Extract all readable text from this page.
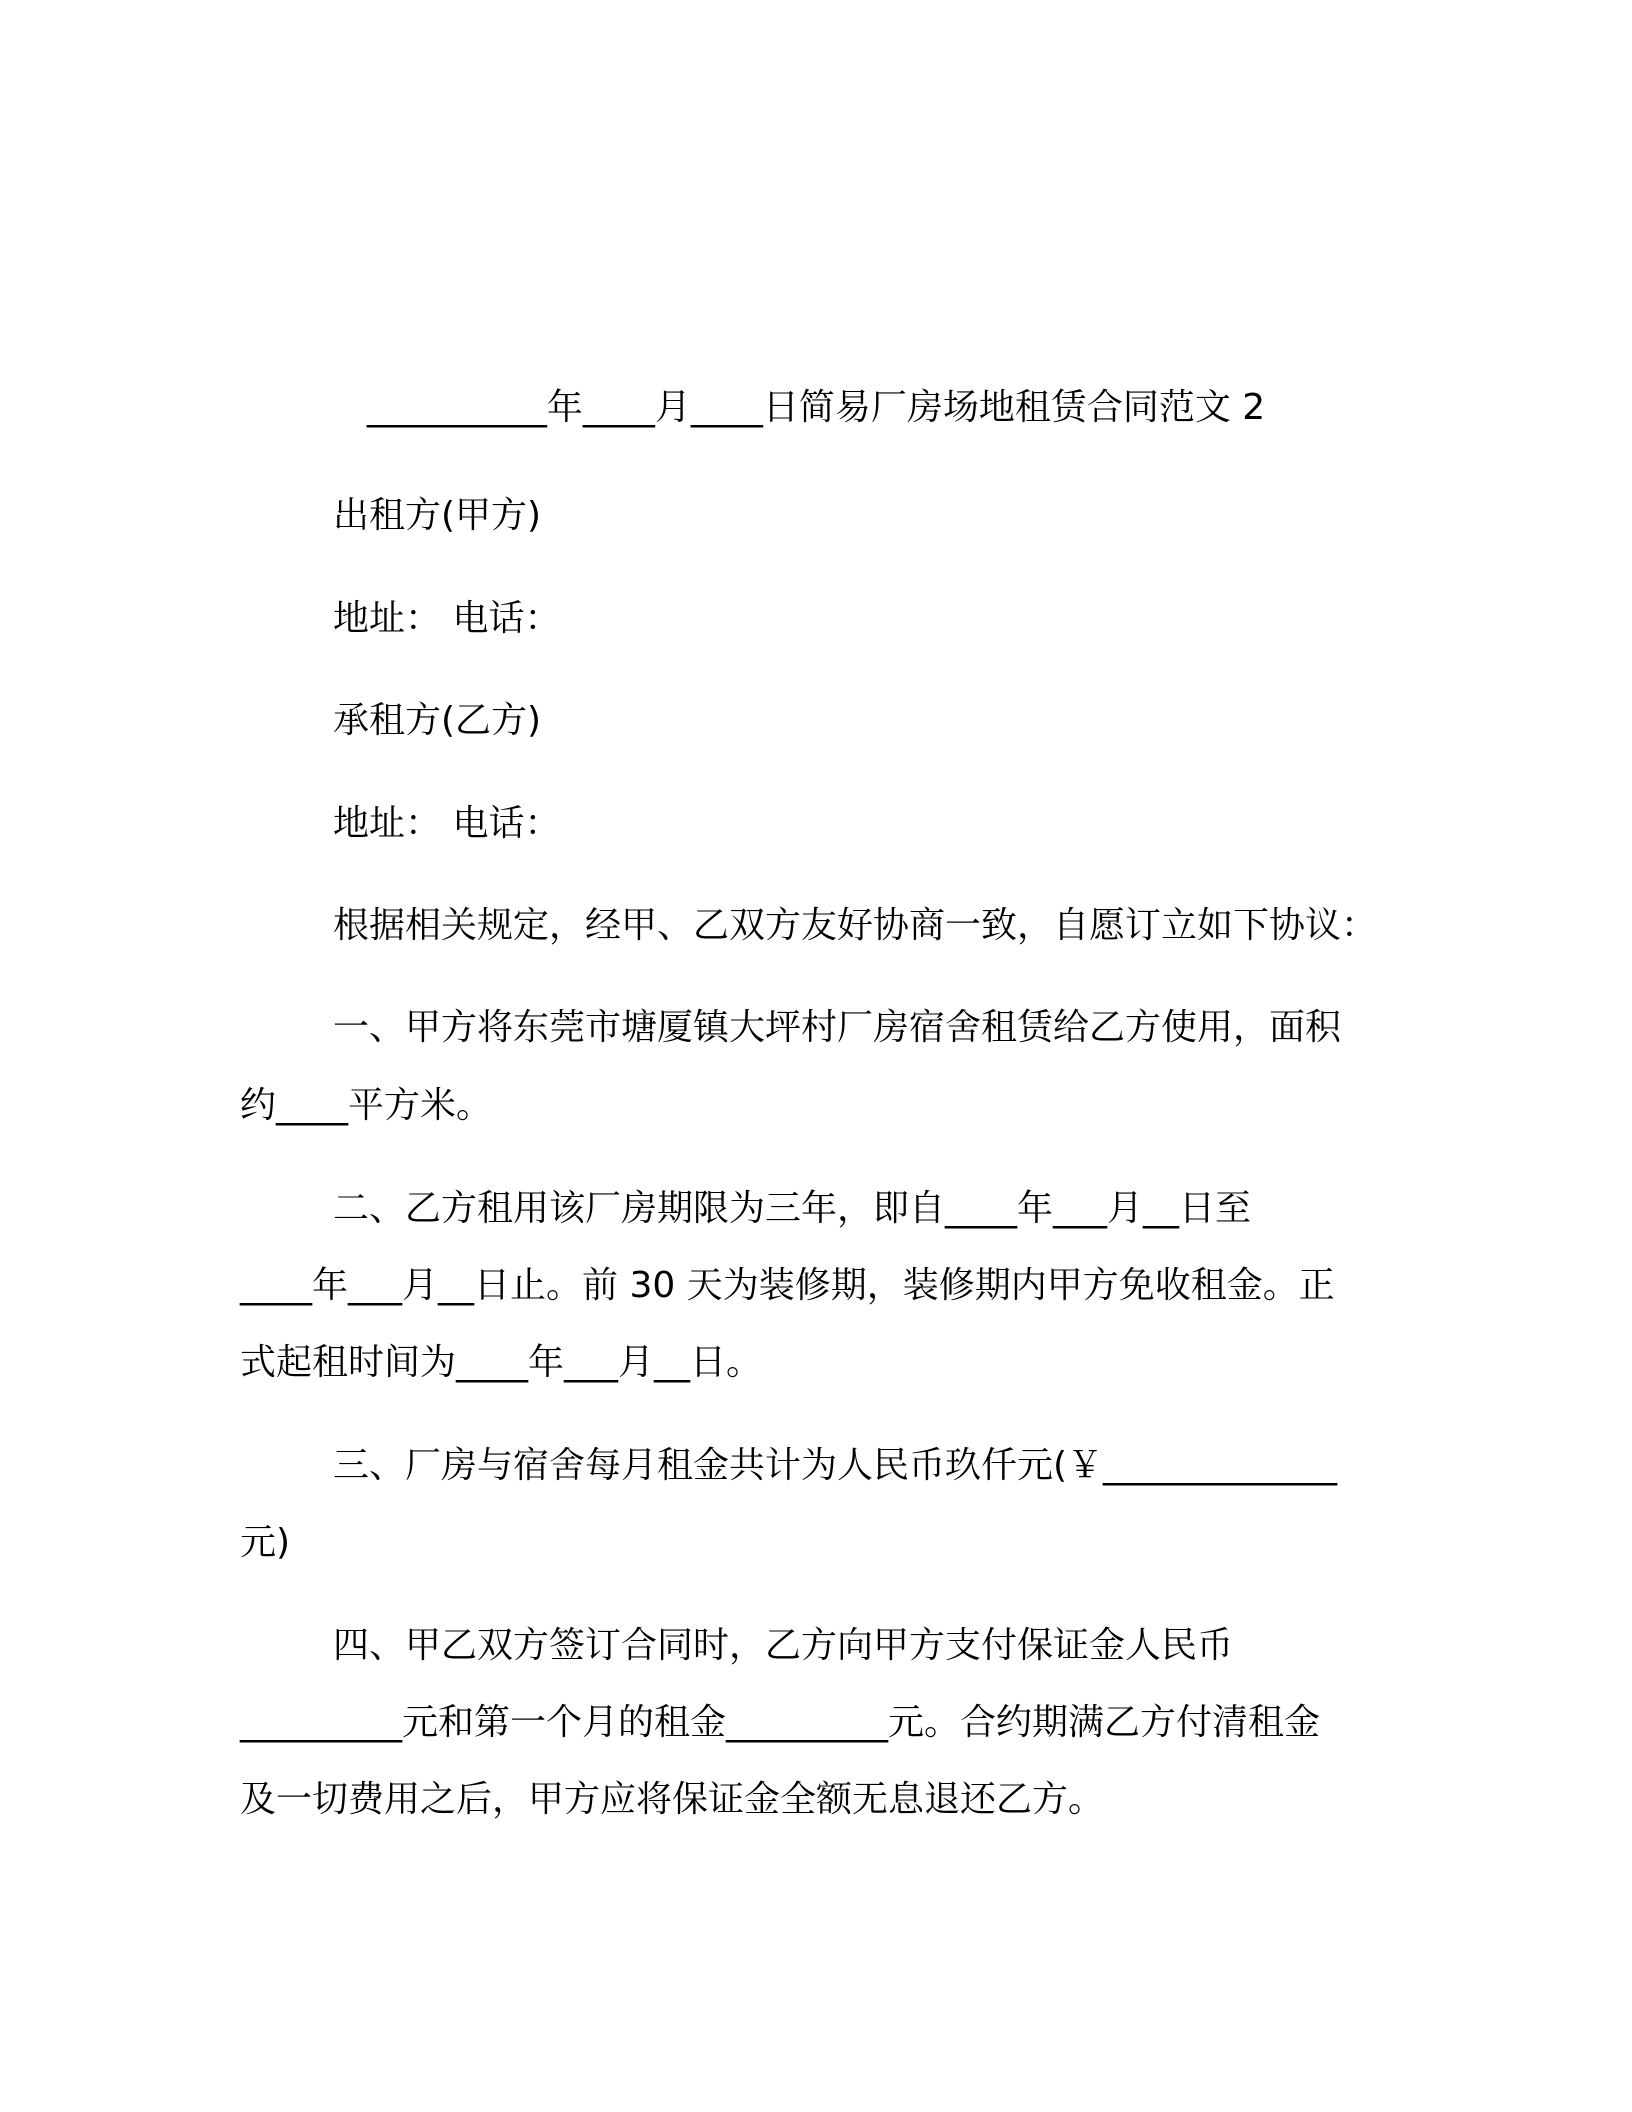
__________年____月____日简易厂房场地租赁合同范文 2
出租方(甲方)
地址： 电话：
承租方(乙方)
地址： 电话：
根据相关规定，经甲、乙双方友好协商一致，自愿订立如下协议：
一、甲方将东莞市塘厦镇大坪村厂房宿舍租赁给乙方使用，面积
约____平方米。
二、乙方租用该厂房期限为三年，即自____年___月__日至
____年___月__日止。前 30 天为装修期，装修期内甲方免收租金。正
式起租时间为____年___月__日。
三、厂房与宿舍每月租金共计为人民币玖仟元(￥_____________
元)
四、甲乙双方签订合同时，乙方向甲方支付保证金人民币
_________元和第一个月的租金_________元。合约期满乙方付清租金
及一切费用之后，甲方应将保证金全额无息退还乙方。
